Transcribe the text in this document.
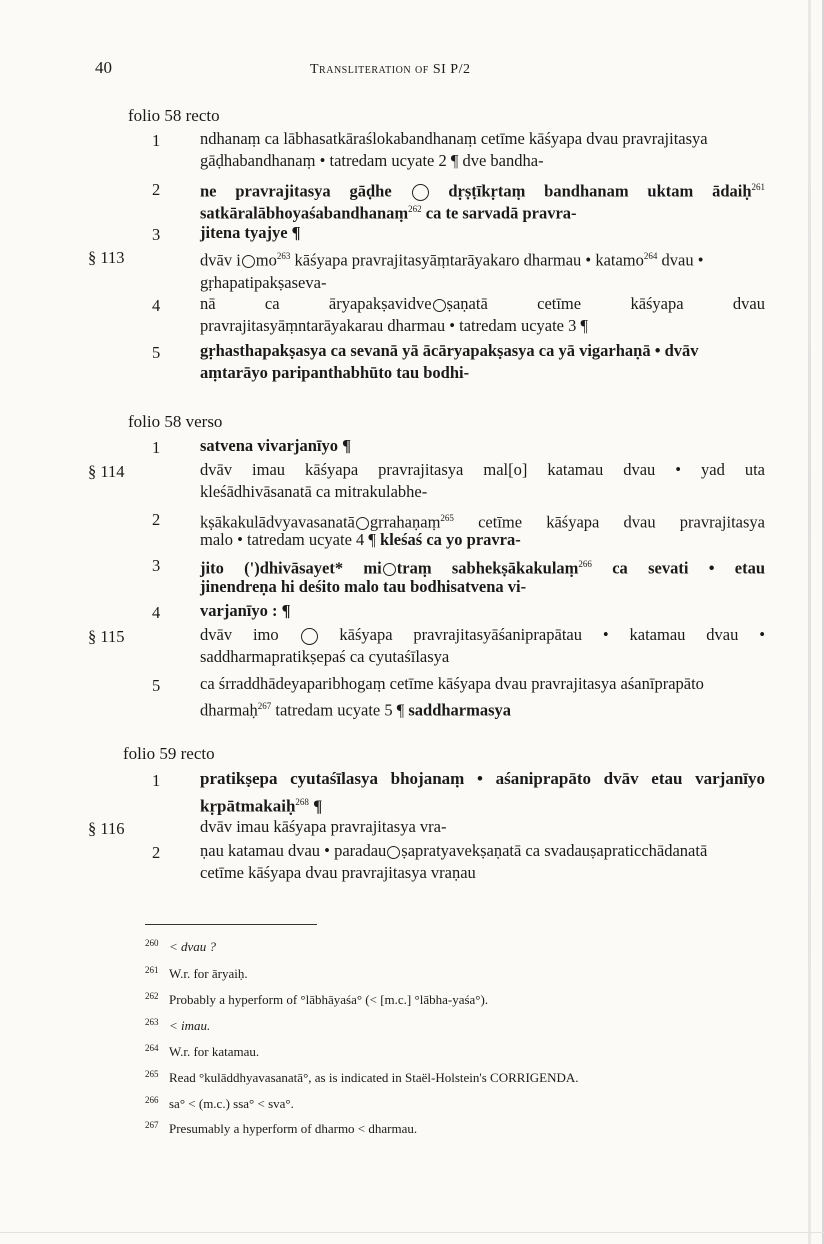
40	Transliteration of SI P/2
folio 58 recto
1 ndhanaṃ ca lābhasatkāraślokabandhanaṃ cetīme kāśyapa dvau pravrajitasya
gāḍhabandhanaṃ • tatredam ucyate 2 ¶ dve bandha-
2 ne pravrajitasya gāḍhe	dṛṣṭīkṛtaṃ bandhanam uktam ādaiḥ$^{261}$
satkāralābhoyaśabandhanaṃ$^{262}$ ca te sarvadā pravra-
3 jitena tyajye ¶
§ 113	dvāv i $mo^{263}$ kāśyapa pravrajitasyāṃtarāyakaro dharmau • katamo$^{264}$ dvau •
gṛhapatipakṣaseva-
4 nā ca āryapakṣavidve ṣaṇatā cetīme kāśyapa dvau
pravrajitasyāṃntarāyakarau dharmau • tatredam ucyate 3 ¶
5 gṛhasthapakṣasya ca sevanā yā ācāryapakṣasya ca yā vigarhaṇā • dvāv
aṃtarāyo paripanthabhūto tau bodhi-
folio 58 verso
1 satvena vivarjanīyo ¶
§ 114	dvāv imau kāśyapa pravrajitasya mal[o] katamau dvau • yad uta
kleśādhivāsanatā ca mitrakulabhe-
2 kṣākakulādvyavasanatā grrahaṇaṃ$^{265}$ cetīme kāśyapa dvau pravrajitasya
malo • tatredam ucyate 4 ¶ kleśaś ca yo pravra-
3 jito (')dhivāsayet* mi traṃ sabhekṣākakulaṃ$^{266}$ ca sevati • etau
jinendreṇa hi deśito malo tau bodhisatvena vi-
4 varjanīyo : ¶
§ 115	dvāv imo	kāśyapa pravrajitasyāśaniprapātau • katamau dvau •
saddharmapratikṣepaś ca cyutaśīlasya
5 ca śrraddhādeyaparibhogaṃ cetīme kāśyapa dvau pravrajitasya aśanīprapāto
dharmaḥ$^{267}$ tatredam ucyate 5 ¶ saddharmasya
folio 59 recto
1 pratikṣepa cyutaśīlasya bhojanaṃ • aśaniprapāto dvāv etau varjanīyo
kṛpātmakaiḥ$^{268}$ ¶
§ 116	dvāv imau kāśyapa pravrajitasya vra-
2 ṇau katamau dvau • paradau ṣapratyavekṣaṇatā ca svadauṣapraticchādanatā
cetīme kāśyapa dvau pravrajitasya vraṇau
260 < dvau ?
261 W.r. for āryaiḥ.
262 Probably a hyperform of °lābhāyaśa° (< [m.c.] °lābha-yaśa°).
263 < imau.
264 W.r. for katamau.
265 Read °kulāddhyavasanatā°, as is indicated in Staël-Holstein's CORRIGENDA.
266 sa° < (m.c.) ssa° < sva°.
267 Presumably a hyperform of dharmo < dharmau.
